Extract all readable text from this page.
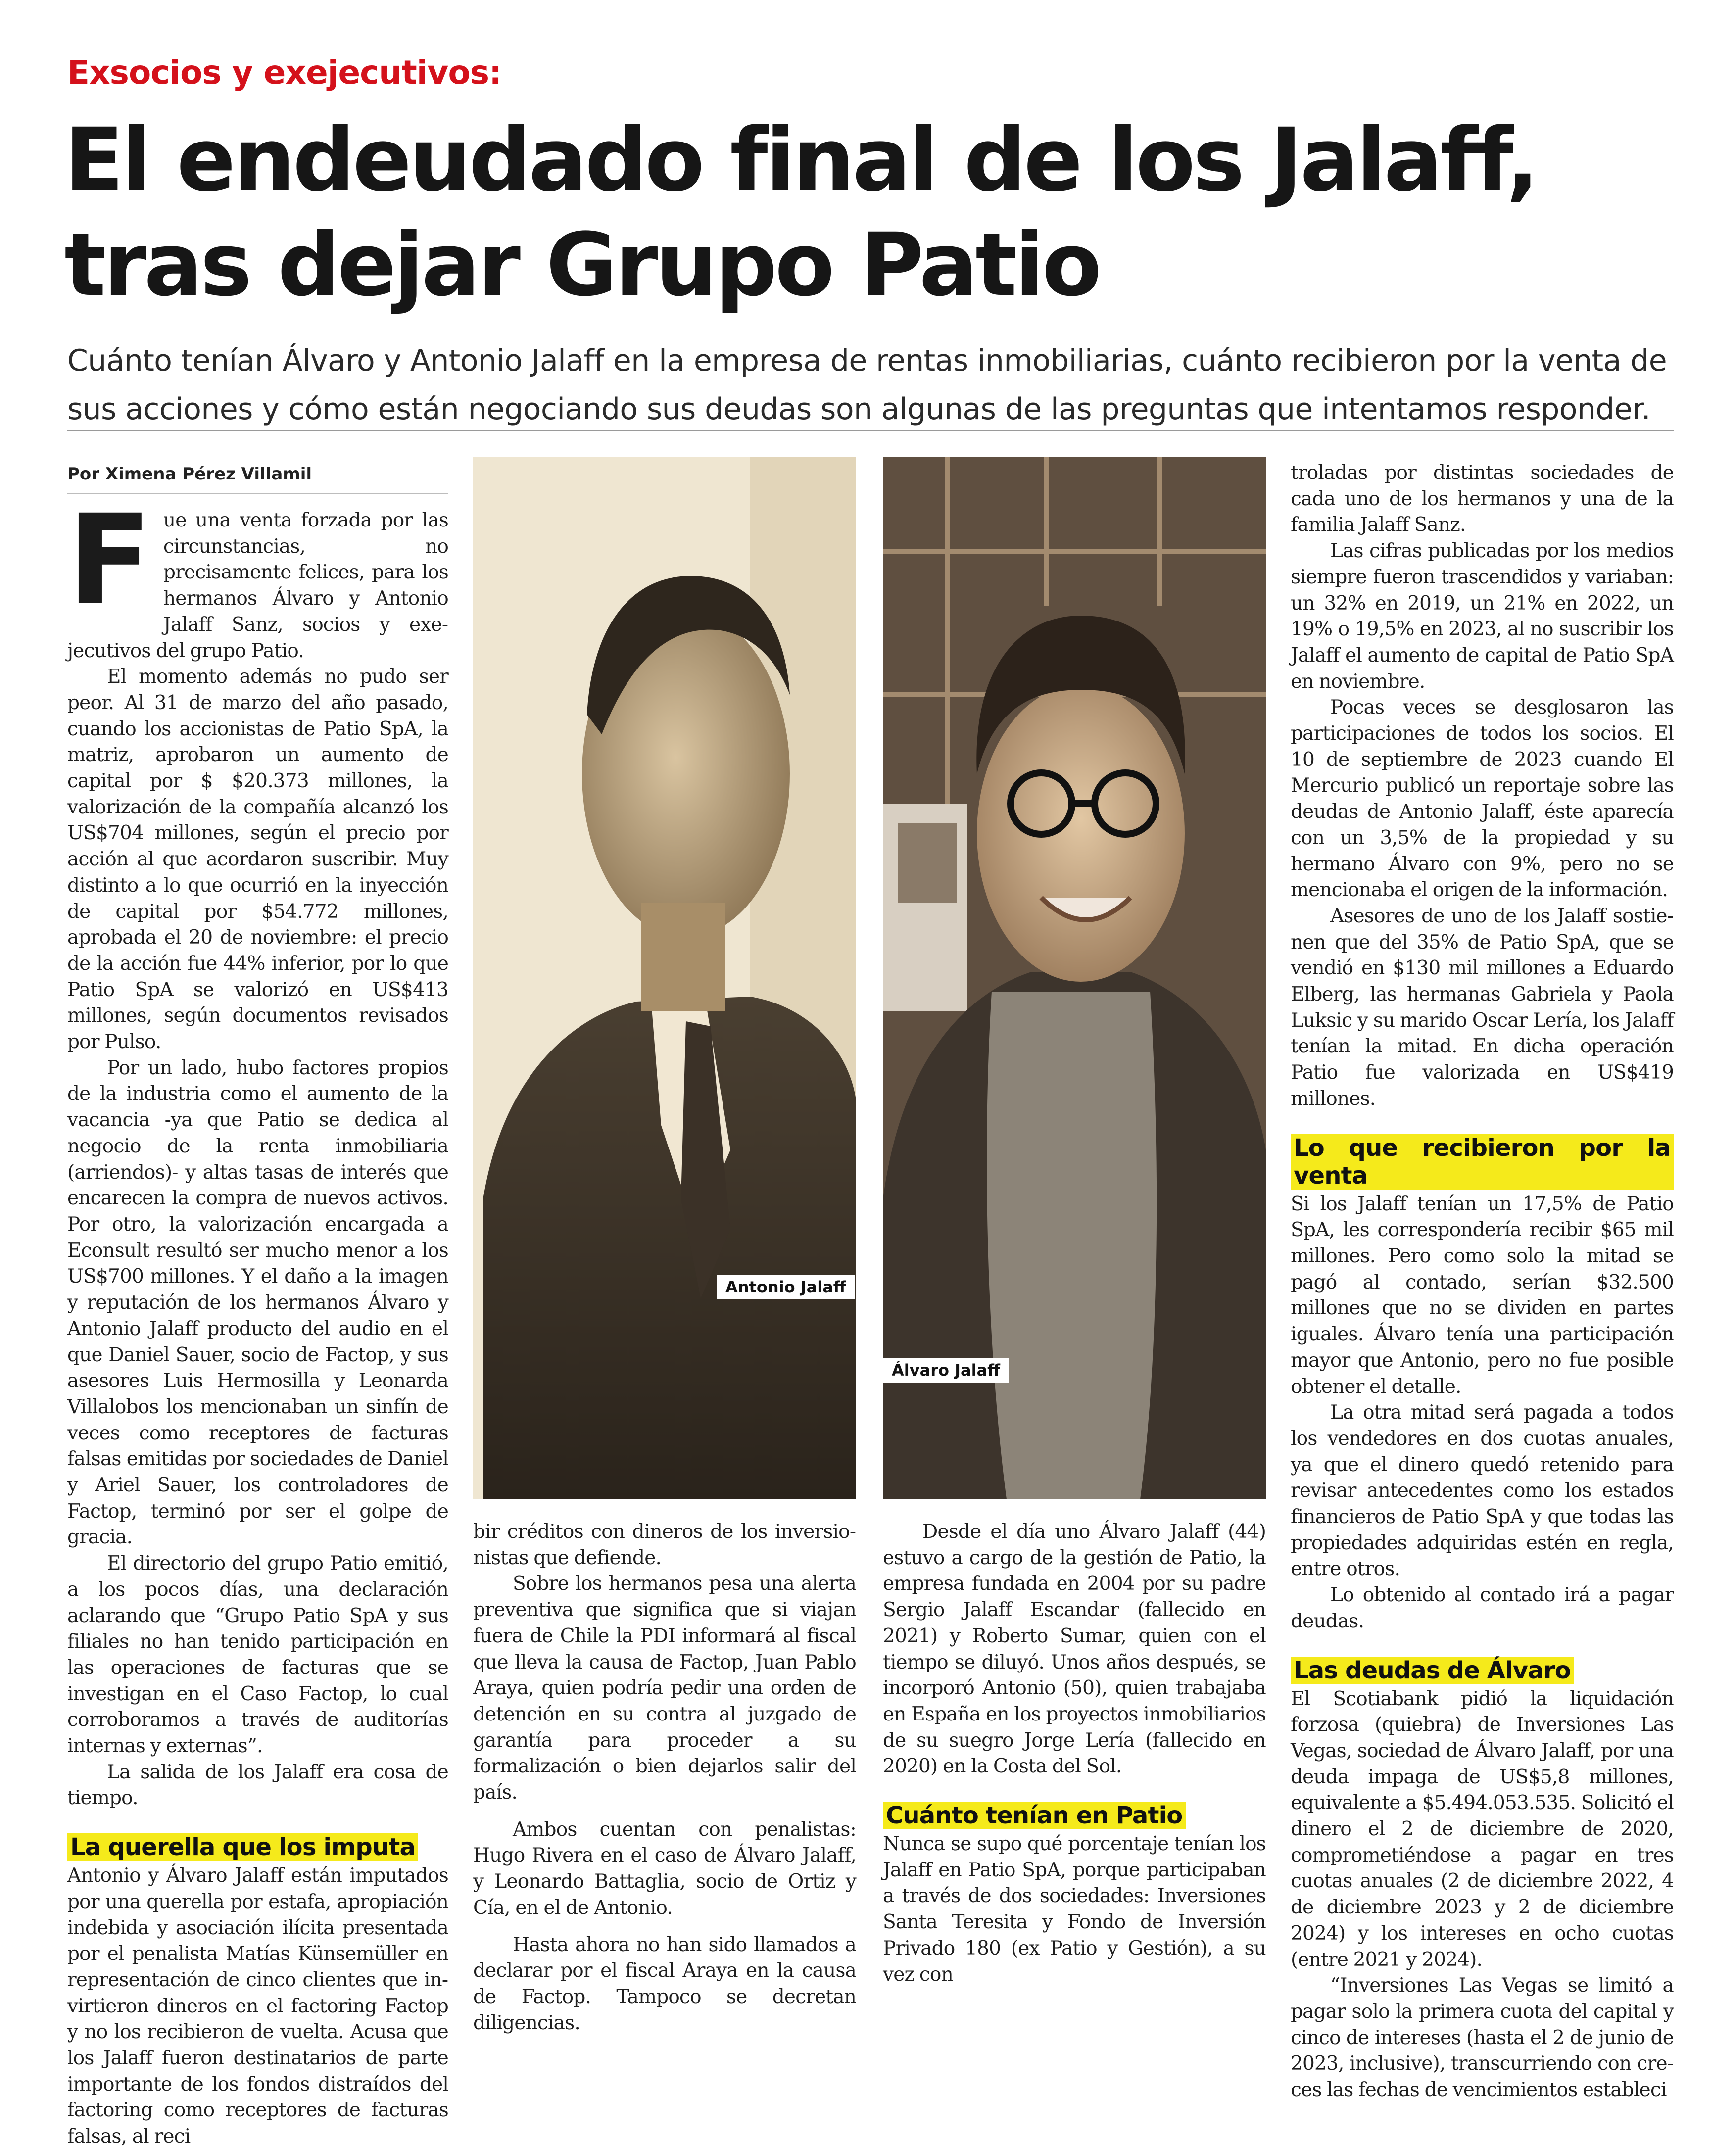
Exsocios y exejecutivos:
El endeudado final de los Jalaff,
tras dejar Grupo Patio

Cuánto tenían Álvaro y Antonio Jalaff en la empresa de rentas inmobiliarias, cuánto recibieron por la venta de
sus acciones y cómo están negociando sus deudas son algunas de las preguntas que intentamos responder.

Por Ximena Pérez Villamil

Fue una venta forzada por las circunstancias, no precisamente felices, para los hermanos Álvaro y Antonio Jalaff Sanz, socios y exejecutivos del grupo Patio.

El momento además no pudo ser peor. Al 31 de marzo del año pasado, cuando los accionistas de Patio SpA, la matriz, aprobaron un aumento de capital por $ $20.373 millones, la valorización de la compañía alcanzó los US$704 millones, según el precio por acción al que acordaron suscribir. Muy distinto a lo que ocurrió en la inyección de capital por $54.772 millones, aprobada el 20 de noviembre: el precio de la acción fue 44% inferior, por lo que Patio SpA se valorizó en US$413 millones, según documentos revisados por Pulso.

Por un lado, hubo factores propios de la industria como el aumento de la vacancia -ya que Patio se dedica al negocio de la renta inmobiliaria (arriendos)- y altas tasas de interés que encarecen la compra de nuevos activos. Por otro, la valorización encargada a Econsult resultó ser mucho menor a los US$700 millones. Y el daño a la imagen y reputación de los hermanos Álvaro y Antonio Jalaff producto del audio en el que Daniel Sauer, socio de Factop, y sus asesores Luis Hermosilla y Leonarda Villalobos los mencionaban un sinfín de veces como receptores de facturas falsas emitidas por sociedades de Daniel y Ariel Sauer, los controladores de Factop, terminó por ser el golpe de gracia.

El directorio del grupo Patio emitió, a los pocos días, una declaración aclarando que “Grupo Patio SpA y sus filiales no han tenido participación en las operaciones de facturas que se investigan en el Caso Factop, lo cual corroboramos a través de auditorías internas y externas”.

La salida de los Jalaff era cosa de tiempo.

La querella que los imputa

Antonio y Álvaro Jalaff están imputados por una querella por estafa, apropiación indebida y asociación ilícita presentada por el penalista Matías Künsemüller en representación de cinco clientes que invirtieron dineros en el factoring Factop y no los recibieron de vuelta. Acusa que los Jalaff fueron destinatarios de parte importante de los fondos distraídos del factoring como receptores de facturas falsas, al reci

Antonio Jalaff
Álvaro Jalaff

bir créditos con dineros de los inversionistas que defiende.

Sobre los hermanos pesa una alerta preventiva que significa que si viajan fuera de Chile la PDI informará al fiscal que lleva la causa de Factop, Juan Pablo Araya, quien podría pedir una orden de detención en su contra al juzgado de garantía para proceder a su formalización o bien dejarlos salir del país.

Ambos cuentan con penalistas: Hugo Rivera en el caso de Álvaro Jalaff, y Leonardo Battaglia, socio de Ortiz y Cía, en el de Antonio.

Hasta ahora no han sido llamados a declarar por el fiscal Araya en la causa de Factop. Tampoco se decretan diligencias.

Desde el día uno Álvaro Jalaff (44) estuvo a cargo de la gestión de Patio, la empresa fundada en 2004 por su padre Sergio Jalaff Escandar (fallecido en 2021) y Roberto Sumar, quien con el tiempo se diluyó. Unos años después, se incorporó Antonio (50), quien trabajaba en España en los proyectos inmobiliarios de su suegro Jorge Lería (fallecido en 2020) en la Costa del Sol.

Cuánto tenían en Patio

Nunca se supo qué porcentaje tenían los Jalaff en Patio SpA, porque participaban a través de dos sociedades: Inversiones Santa Teresita y Fondo de Inversión Privado 180 (ex Patio y Gestión), a su vez con

troladas por distintas sociedades de cada uno de los hermanos y una de la familia Jalaff Sanz.

Las cifras publicadas por los medios siempre fueron trascendidos y variaban: un 32% en 2019, un 21% en 2022, un 19% o 19,5% en 2023, al no suscribir los Jalaff el aumento de capital de Patio SpA en noviembre.

Pocas veces se desglosaron las participaciones de todos los socios. El 10 de septiembre de 2023 cuando El Mercurio publicó un reportaje sobre las deudas de Antonio Jalaff, éste aparecía con un 3,5% de la propiedad y su hermano Álvaro con 9%, pero no se mencionaba el origen de la información.

Asesores de uno de los Jalaff sostienen que del 35% de Patio SpA, que se vendió en $130 mil millones a Eduardo Elberg, las hermanas Gabriela y Paola Luksic y su marido Oscar Lería, los Jalaff tenían la mitad. En dicha operación Patio fue valorizada en US$419 millones.

Lo que recibieron por la venta

Si los Jalaff tenían un 17,5% de Patio SpA, les correspondería recibir $65 mil millones. Pero como solo la mitad se pagó al contado, serían $32.500 millones que no se dividen en partes iguales. Álvaro tenía una participación mayor que Antonio, pero no fue posible obtener el detalle.

La otra mitad será pagada a todos los vendedores en dos cuotas anuales, ya que el dinero quedó retenido para revisar antecedentes como los estados financieros de Patio SpA y que todas las propiedades adquiridas estén en regla, entre otros.

Lo obtenido al contado irá a pagar deudas.

Las deudas de Álvaro

El Scotiabank pidió la liquidación forzosa (quiebra) de Inversiones Las Vegas, sociedad de Álvaro Jalaff, por una deuda impaga de US$5,8 millones, equivalente a $5.494.053.535. Solicitó el dinero el 2 de diciembre de 2020, comprometiéndose a pagar en tres cuotas anuales (2 de diciembre 2022, 4 de diciembre 2023 y 2 de diciembre 2024) y los intereses en ocho cuotas (entre 2021 y 2024).

“Inversiones Las Vegas se limitó a pagar solo la primera cuota del capital y cinco de intereses (hasta el 2 de junio de 2023, inclusive), transcurriendo con creces las fechas de vencimientos estableci
